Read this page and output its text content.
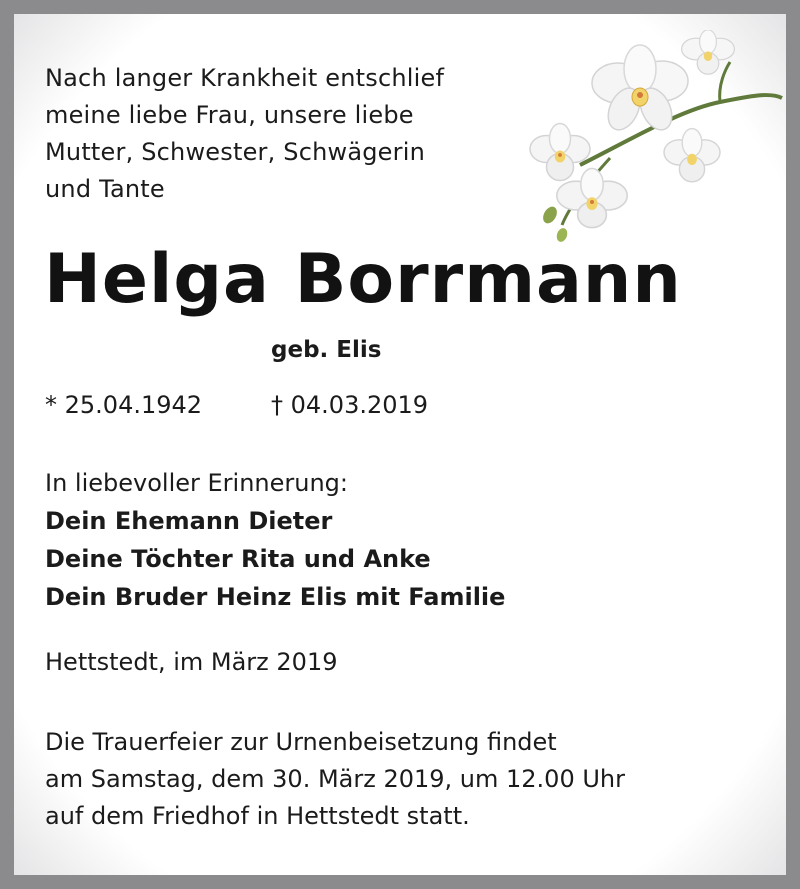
Nach langer Krankheit entschlief
meine liebe Frau, unsere liebe
Mutter, Schwester, Schwägerin
und Tante
Helga Borrmann
geb. Elis
* 25.04.1942	† 04.03.2019
In liebevoller Erinnerung:
Dein Ehemann Dieter
Deine Töchter Rita und Anke
Dein Bruder Heinz Elis mit Familie
Hettstedt, im März 2019
Die Trauerfeier zur Urnenbeisetzung findet
am Samstag, dem 30. März 2019, um 12.00 Uhr
auf dem Friedhof in Hettstedt statt.
